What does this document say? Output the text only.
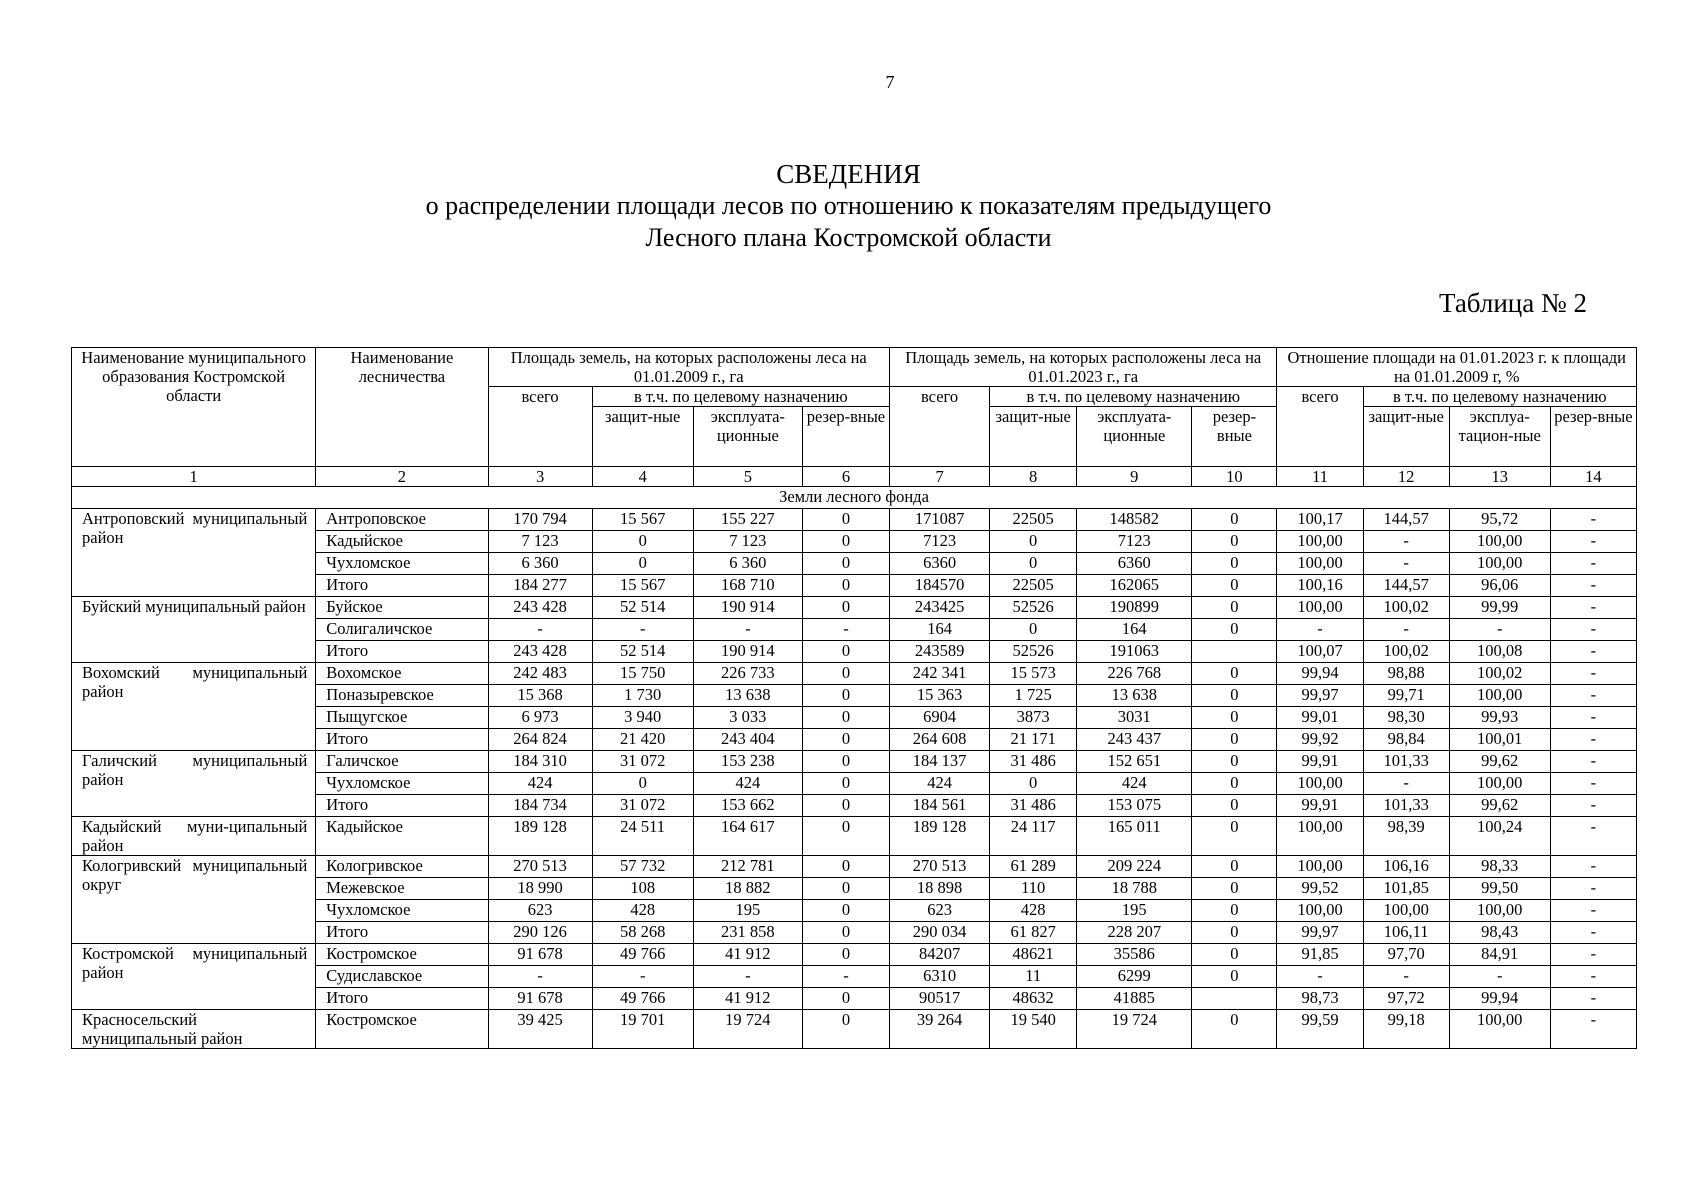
7
СВЕДЕНИЯ
о распределении площади лесов по отношению к показателям предыдущего
Лесного плана Костромской области
Таблица № 2
Наименование муниципального образования Костромской области	Наименование лесничества	Площадь земель, на которых расположены леса на 01.01.2009 г., га				Площадь земель, на которых расположены леса на 01.01.2023 г., га				Отношение площади на 01.01.2023 г. к площади на 01.01.2009 г, %			
		всего	в т.ч. по целевому назначению			всего	в т.ч. по целевому назначению			всего	в т.ч. по целевому назначению		
			защит-ные	эксплуата-ционные	резер-вные		защит-ные	эксплуата-ционные	резер-вные		защит-ные	эксплуа-тацион-ные	резер-вные
1	2	3	4	5	6	7	8	9	10	11	12	13	14
Земли лесного фонда													
Антроповский муниципальный район	Антроповское	170 794	15 567	155 227	0	171087	22505	148582	0	100,17	144,57	95,72	-
	Кадыйское	7 123	0	7 123	0	7123	0	7123	0	100,00	-	100,00	-
	Чухломское	6 360	0	6 360	0	6360	0	6360	0	100,00	-	100,00	-
	Итого	184 277	15 567	168 710	0	184570	22505	162065	0	100,16	144,57	96,06	-
Буйский муниципальный район	Буйское	243 428	52 514	190 914	0	243425	52526	190899	0	100,00	100,02	99,99	-
	Солигаличское	-	-	-	-	164	0	164	0	-	-	-	-
	Итого	243 428	52 514	190 914	0	243589	52526	191063		100,07	100,02	100,08	-
Вохомский муниципальный район	Вохомское	242 483	15 750	226 733	0	242 341	15 573	226 768	0	99,94	98,88	100,02	-
	Поназыревское	15 368	1 730	13 638	0	15 363	1 725	13 638	0	99,97	99,71	100,00	-
	Пыщугское	6 973	3 940	3 033	0	6904	3873	3031	0	99,01	98,30	99,93	-
	Итого	264 824	21 420	243 404	0	264 608	21 171	243 437	0	99,92	98,84	100,01	-
Галичский муниципальный район	Галичское	184 310	31 072	153 238	0	184 137	31 486	152 651	0	99,91	101,33	99,62	-
	Чухломское	424	0	424	0	424	0	424	0	100,00	-	100,00	-
	Итого	184 734	31 072	153 662	0	184 561	31 486	153 075	0	99,91	101,33	99,62	-
Кадыйский муни-ципальный район	Кадыйское	189 128	24 511	164 617	0	189 128	24 117	165 011	0	100,00	98,39	100,24	-
Кологривский муниципальный округ	Кологривское	270 513	57 732	212 781	0	270 513	61 289	209 224	0	100,00	106,16	98,33	-
	Межевское	18 990	108	18 882	0	18 898	110	18 788	0	99,52	101,85	99,50	-
	Чухломское	623	428	195	0	623	428	195	0	100,00	100,00	100,00	-
	Итого	290 126	58 268	231 858	0	290 034	61 827	228 207	0	99,97	106,11	98,43	-
Костромской муниципальный район	Костромское	91 678	49 766	41 912	0	84207	48621	35586	0	91,85	97,70	84,91	-
	Судиславское	-	-	-	-	6310	11	6299	0	-	-	-	-
	Итого	91 678	49 766	41 912	0	90517	48632	41885		98,73	97,72	99,94	-
Красносельский муниципальный район	Костромское	39 425	19 701	19 724	0	39 264	19 540	19 724	0	99,59	99,18	100,00	-
